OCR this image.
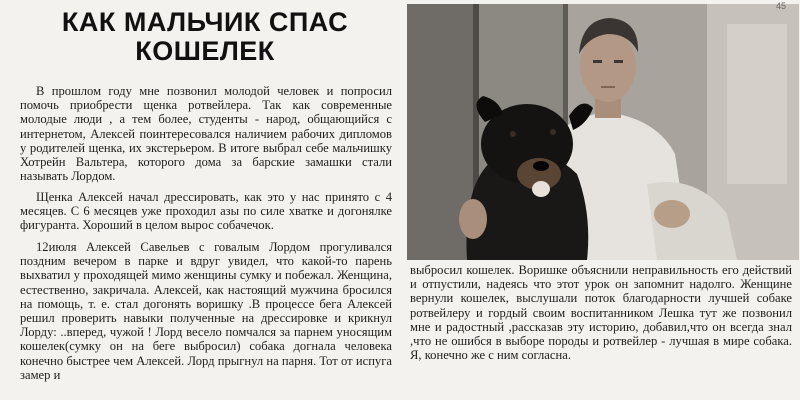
КАК МАЛЬЧИК СПАС
КОШЕЛЕК

В прошлом году мне позвонил молодой человек и попросил помочь приобрести щенка ротвейлера. Так как современные молодые люди , а тем более, студенты - народ, общающийся с интернетом, Алексей поинтересовался наличием рабочих дипломов у родителей щенка, их экстерьером. В итоге выбрал себе мальчишку Хотрейн Вальтера, которого дома за барские замашки стали называть Лордом.

Щенка Алексей начал дрессировать, как это у нас принято с 4 месяцев. С 6 месяцев уже проходил азы по силе хватке и догонялке фигуранта. Хороший в целом вырос собачечок.

12июля Алексей Савельев с говалым Лордом прогуливался поздним вечером в парке и вдруг увидел, что какой-то парень выхватил у проходящей мимо женщины сумку и побежал. Женщина, естественно, закричала. Алексей, как настоящий мужчина бросился на помощь, т. е. стал догонять воришку .В процессе бега Алексей решил проверить навыки полученные на дрессировке и крикнул Лорду: ..вперед, чужой ! Лорд весело помчался за парнем уносящим кошелек(сумку он на беге выбросил) собака догнала человека конечно быстрее чем Алексей. Лорд прыгнул на парня. Тот от испуга замер и

выбросил кошелек. Воришке объяснили неправильность его действий и отпустили, надеясь что этот урок он запомнит надолго. Женщинe вернули кошелек, выслушали поток благодарности лучшей собаке ротвейлеру и гордый своим воспитанником Лешка тут же позвонил мне и радостный ,рассказав эту историю, добавил,что он всегда знал ,что не ошибся в выборе породы и ротвейлер - лучшая в мире собака. Я, конечно же с ним согласна.

45
